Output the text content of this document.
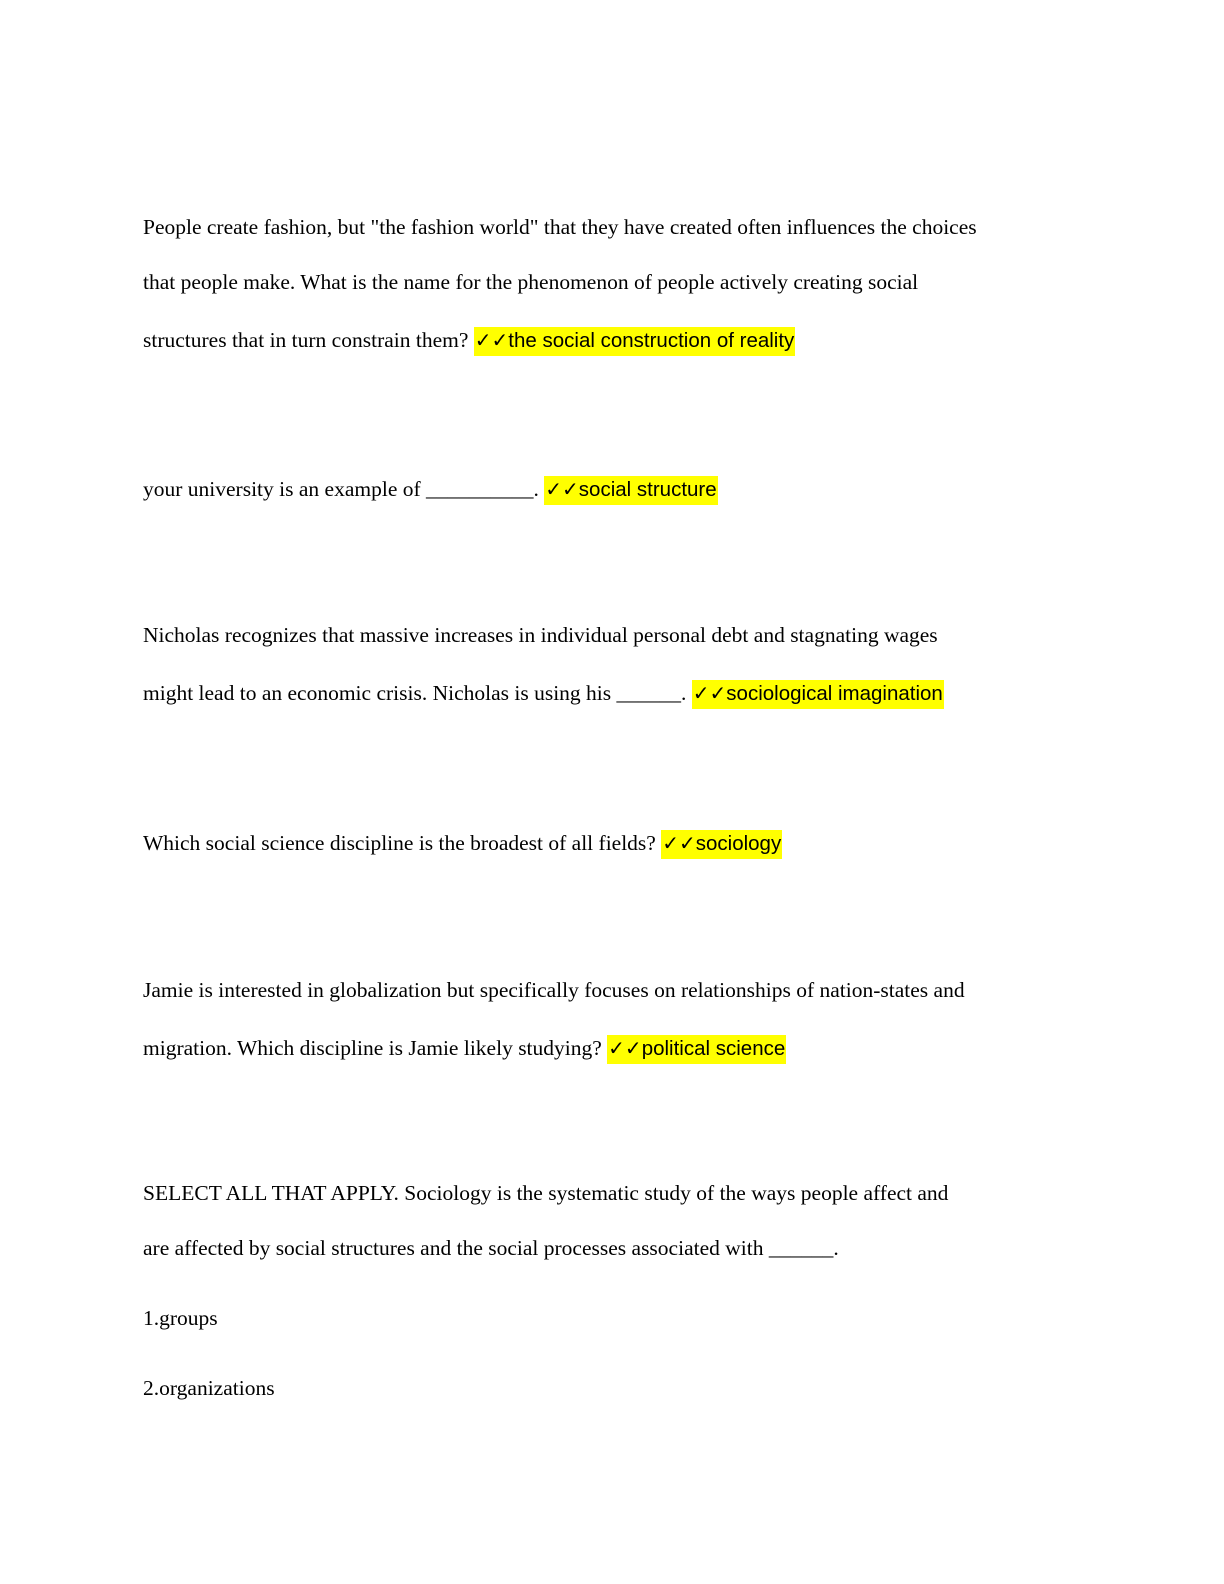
People create fashion, but "the fashion world" that they have created often influences the choices
that people make. What is the name for the phenomenon of people actively creating social
structures that in turn constrain them? ✓✓the social construction of reality
your university is an example of __________. ✓✓social structure
Nicholas recognizes that massive increases in individual personal debt and stagnating wages
might lead to an economic crisis. Nicholas is using his ______. ✓✓sociological imagination
Which social science discipline is the broadest of all fields? ✓✓sociology
Jamie is interested in globalization but specifically focuses on relationships of nation-states and
migration. Which discipline is Jamie likely studying? ✓✓political science
SELECT ALL THAT APPLY. Sociology is the systematic study of the ways people affect and
are affected by social structures and the social processes associated with ______.
1.groups
2.organizations
